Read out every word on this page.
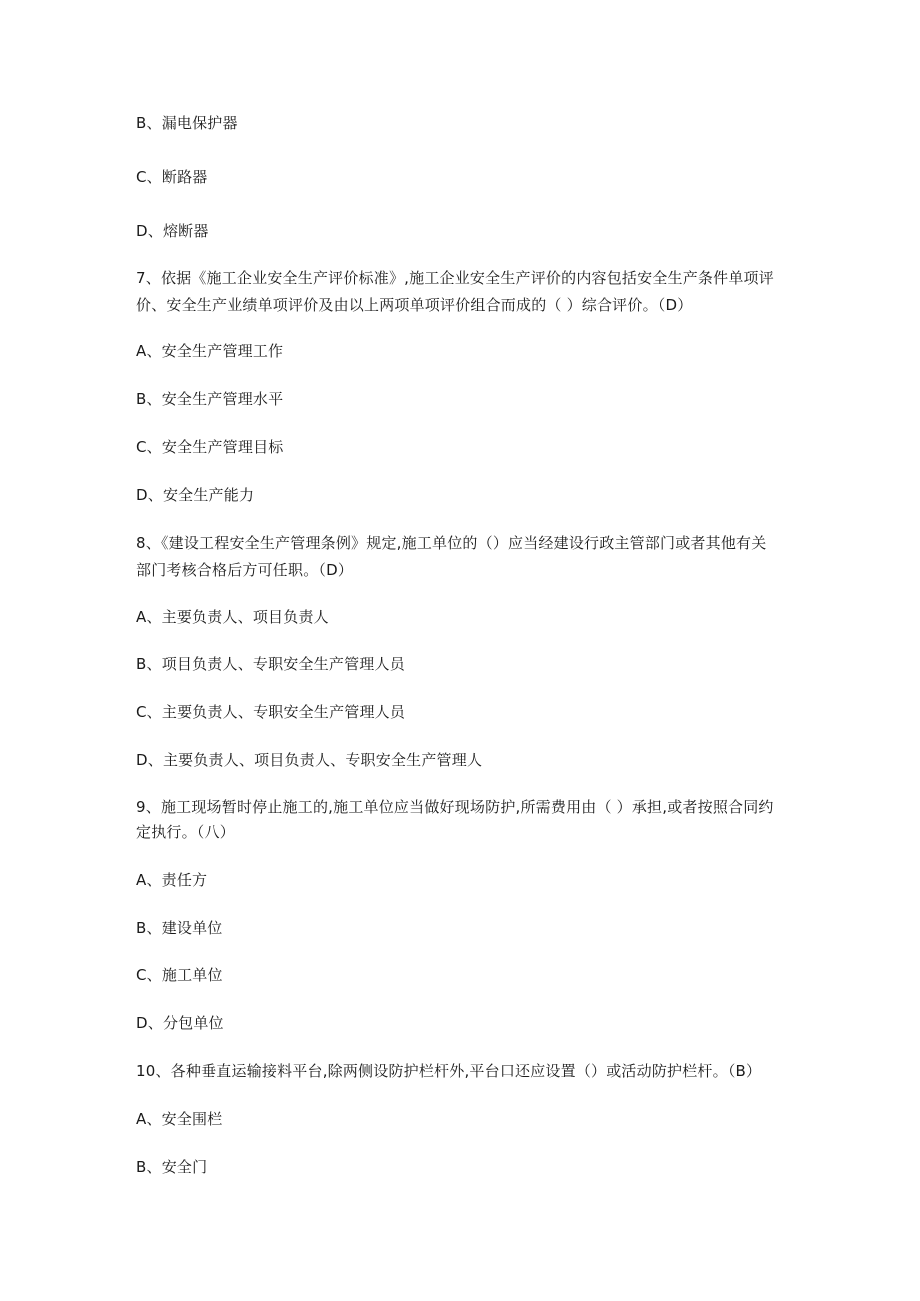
B、漏电保护器
C、断路器
D、熔断器
7、依据《施工企业安全生产评价标准》,施工企业安全生产评价的内容包括安全生产条件单项评
价、安全生产业绩单项评价及由以上两项单项评价组合而成的（ ）综合评价。（D）
A、安全生产管理工作
B、安全生产管理水平
C、安全生产管理目标
D、安全生产能力
8、《建设工程安全生产管理条例》规定,施工单位的（）应当经建设行政主管部门或者其他有关
部门考核合格后方可任职。（D）
A、主要负责人、项目负责人
B、项目负责人、专职安全生产管理人员
C、主要负责人、专职安全生产管理人员
D、主要负责人、项目负责人、专职安全生产管理人
9、施工现场暂时停止施工的,施工单位应当做好现场防护,所需费用由（ ）承担,或者按照合同约
定执行。（八）
A、责任方
B、建设单位
C、施工单位
D、分包单位
10、各种垂直运输接料平台,除两侧设防护栏杆外,平台口还应设置（）或活动防护栏杆。（B）
A、安全围栏
B、安全门
